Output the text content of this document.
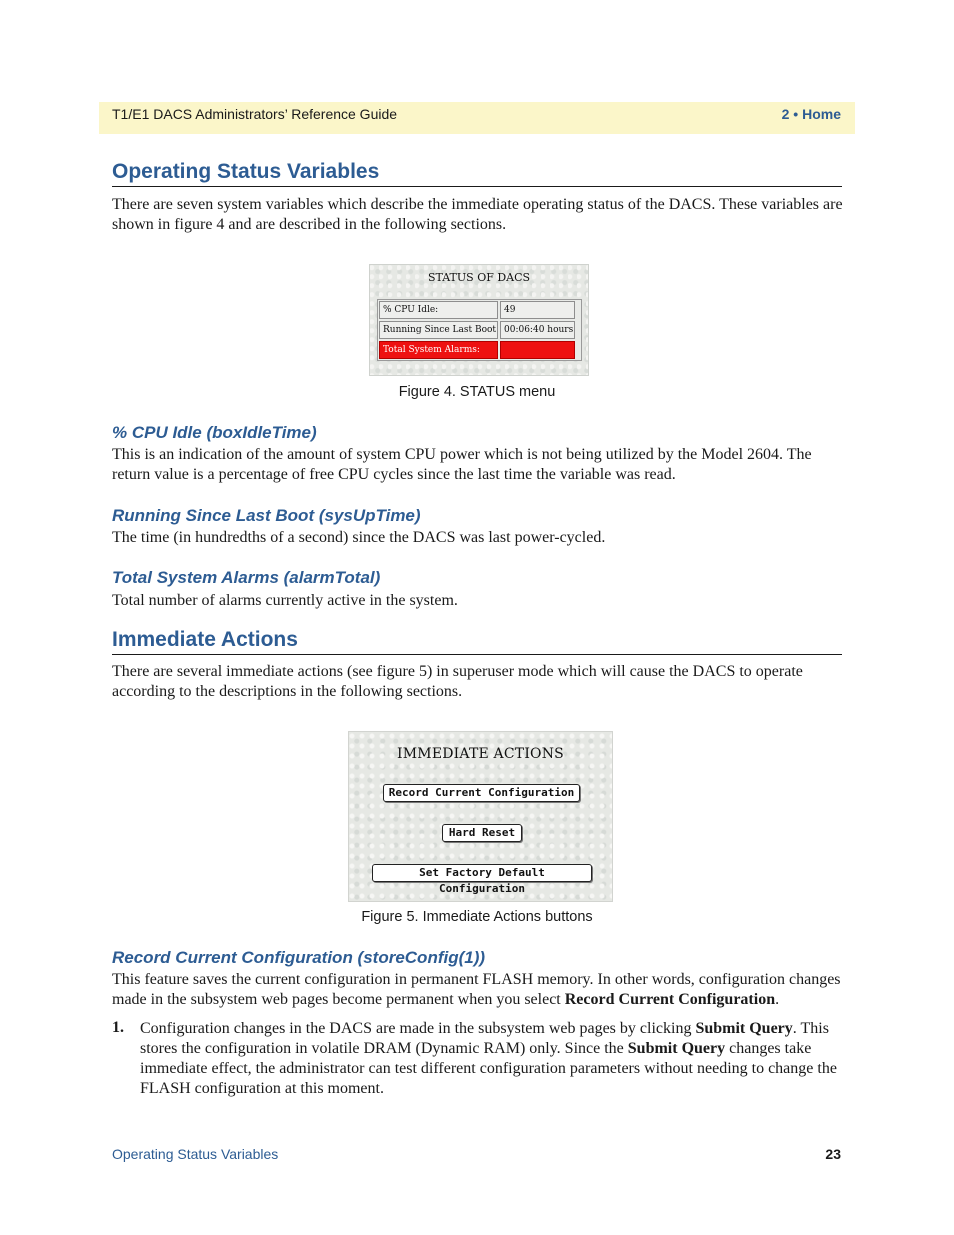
T1/E1 DACS Administrators’ Reference Guide	2 • Home
Operating Status Variables

There are seven system variables which describe the immediate operating status of the DACS. These variables are shown in figure 4 and are described in the following sections.

STATUS OF DACS
% CPU Idle:	49
Running Since Last Boot 00:06:40 hours
Total System Alarms:
Figure 4. STATUS menu
% CPU Idle (boxIdleTime)

This is an indication of the amount of system CPU power which is not being utilized by the Model 2604. The return value is a percentage of free CPU cycles since the last time the variable was read.

Running Since Last Boot (sysUpTime)

The time (in hundredths of a second) since the DACS was last power-cycled.

Total System Alarms (alarmTotal)

Total number of alarms currently active in the system.

Immediate Actions

There are several immediate actions (see figure 5) in superuser mode which will cause the DACS to operate according to the descriptions in the following sections.

IMMEDIATE ACTIONS
Record Current Configuration
Hard Reset
Set Factory Default Configuration
Figure 5. Immediate Actions buttons
Record Current Configuration (storeConfig(1))

This feature saves the current configuration in permanent FLASH memory. In other words, configuration changes made in the subsystem web pages become permanent when you select Record Current Configuration.

1. Configuration changes in the DACS are made in the subsystem web pages by clicking Submit Query. This stores the configuration in volatile DRAM (Dynamic RAM) only. Since the Submit Query changes take immediate effect, the administrator can test different configuration parameters without needing to change the FLASH configuration at this moment.

Operating Status Variables	23
